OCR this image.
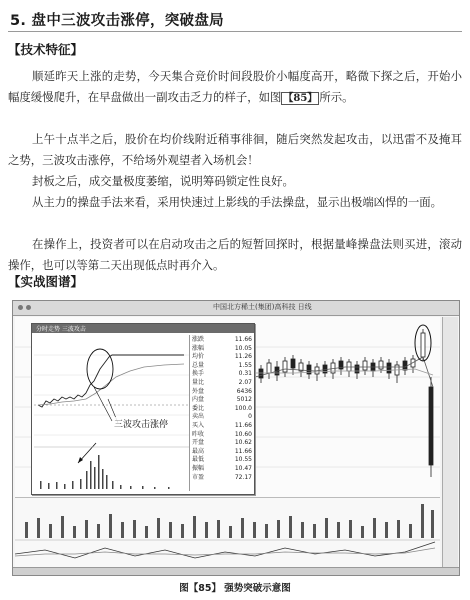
5. 盘中三波攻击涨停，突破盘局
【技术特征】

顺延昨天上涨的走势，今天集合竞价时间段股价小幅度高开，略微下探之后，开始小幅度缓慢爬升，在早盘做出一副攻击乏力的样子，如图 【85】 所示。

上午十点半之后，股价在均价线附近稍事徘徊，随后突然发起攻击，以迅雷不及掩耳之势，三波攻击涨停，不给场外观望者入场机会！

封板之后，成交量极度萎缩，说明筹码锁定性良好。

从主力的操盘手法来看，采用快速过上影线的手法操盘，显示出极端凶悍的一面。

在操作上，投资者可以在启动攻击之后的短暂回探时，根据量峰操盘法则买进，滚动操作，也可以等第二天出现低点时再介入。

【实战图谱】
中国北方稀土(集团)高科技 日线
分时走势 三波攻击
三波攻击涨停
涨跌	11.66
涨幅	10.05
均价	11.26
总量	1.55
换手	0.31
量比	2.07
外盘	6436
内盘	5012
委比	100.0
卖出	0
买入	11.66
昨收	10.60
开盘	10.62
最高	11.66
最低	10.55
振幅	10.47
市盈	72.17
图【85】 强势突破示意图
